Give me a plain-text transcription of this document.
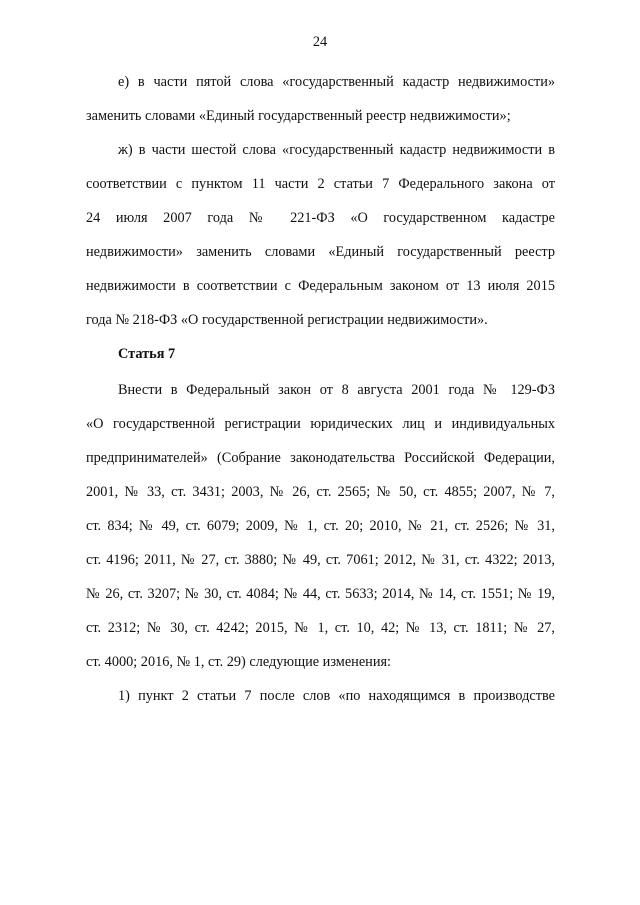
24
е) в части пятой слова «государственный кадастр недвижимости»
заменить словами «Единый государственный реестр недвижимости»;
ж) в части шестой слова «государственный кадастр недвижимости в
соответствии с пунктом 11 части 2 статьи 7 Федерального закона от
24 июля 2007 года № 221-ФЗ «О государственном кадастре
недвижимости» заменить словами «Единый государственный реестр
недвижимости в соответствии с Федеральным законом от 13 июля 2015
года № 218-ФЗ «О государственной регистрации недвижимости».
Статья 7
Внести в Федеральный закон от 8 августа 2001 года № 129-ФЗ
«О государственной регистрации юридических лиц и индивидуальных
предпринимателей» (Собрание законодательства Российской Федерации,
2001, № 33, ст. 3431; 2003, № 26, ст. 2565; № 50, ст. 4855; 2007, № 7,
ст. 834; № 49, ст. 6079; 2009, № 1, ст. 20; 2010, № 21, ст. 2526; № 31,
ст. 4196; 2011, № 27, ст. 3880; № 49, ст. 7061; 2012, № 31, ст. 4322; 2013,
№ 26, ст. 3207; № 30, ст. 4084; № 44, ст. 5633; 2014, № 14, ст. 1551; № 19,
ст. 2312; № 30, ст. 4242; 2015, № 1, ст. 10, 42; № 13, ст. 1811; № 27,
ст. 4000; 2016, № 1, ст. 29) следующие изменения:
1) пункт 2 статьи 7 после слов «по находящимся в производстве
